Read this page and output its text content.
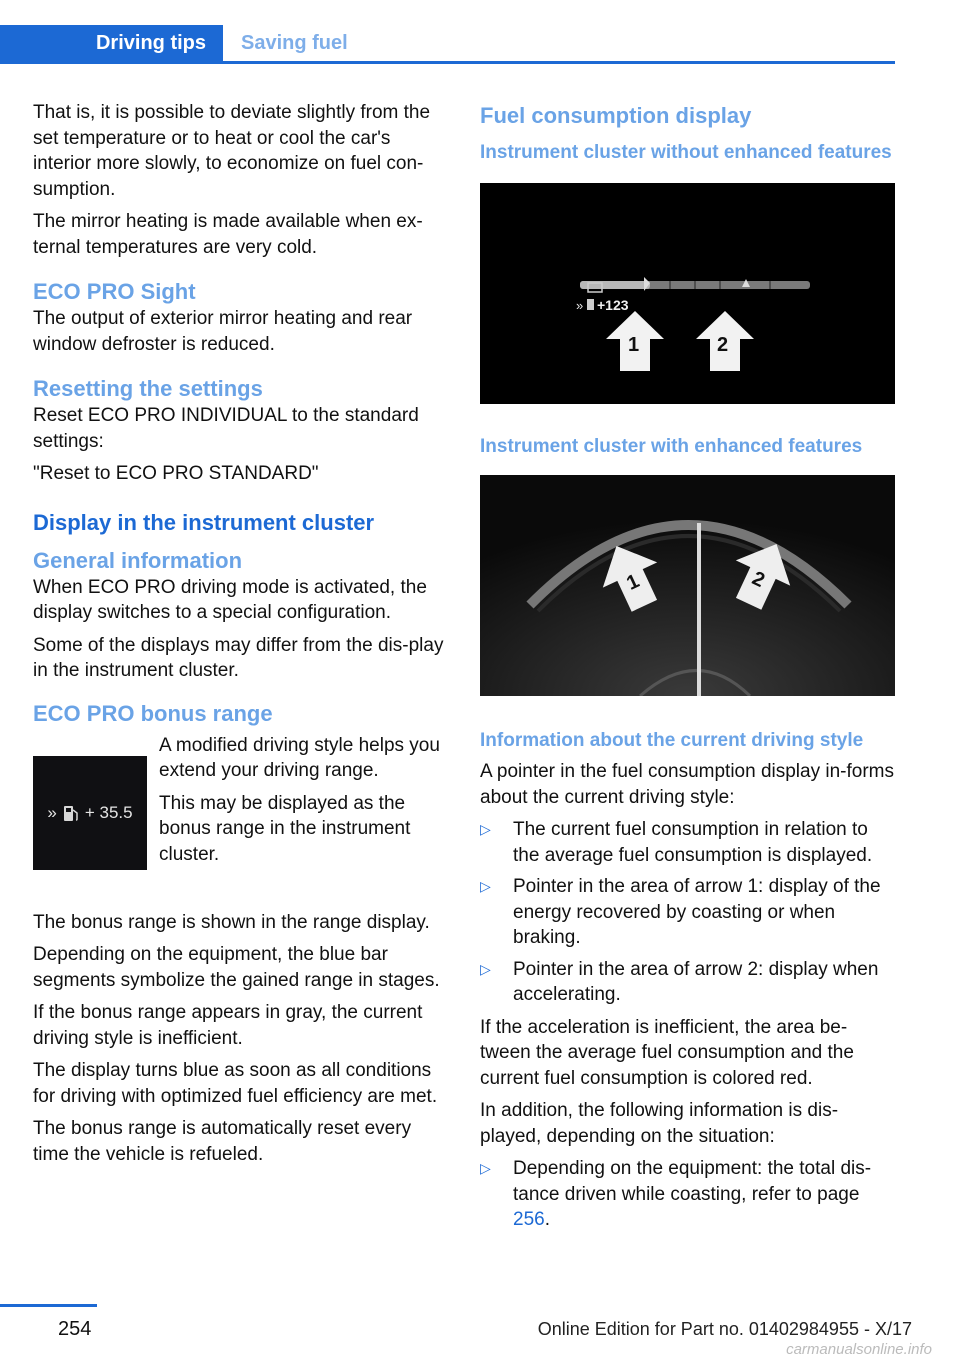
Driving tips	Saving fuel

That is, it is possible to deviate slightly from the set temperature or to heat or cool the car's interior more slowly, to economize on fuel con‐sumption.

The mirror heating is made available when ex‐ternal temperatures are very cold.

ECO PRO Sight

The output of exterior mirror heating and rear window defroster is reduced.

Resetting the settings

Reset ECO PRO INDIVIDUAL to the standard settings:

"Reset to ECO PRO STANDARD"

Display in the instrument cluster
General information

When ECO PRO driving mode is activated, the display switches to a special configuration.

Some of the displays may differ from the dis‐play in the instrument cluster.

ECO PRO bonus range
» + 35.5

A modified driving style helps you extend your driving range.

This may be displayed as the bonus range in the instrument cluster.

The bonus range is shown in the range display.

Depending on the equipment, the blue bar segments symbolize the gained range in stages.

If the bonus range appears in gray, the current driving style is inefficient.

The display turns blue as soon as all conditions for driving with optimized fuel efficiency are met.

The bonus range is automatically reset every time the vehicle is refueled.

Fuel consumption display
Instrument cluster without enhanced features
» +123
1	2
Instrument cluster with enhanced features
1	2
Information about the current driving style

A pointer in the fuel consumption display in‐forms about the current driving style:

▷ The current fuel consumption in relation to the average fuel consumption is displayed.
▷ Pointer in the area of arrow 1: display of the energy recovered by coasting or when braking.
▷ Pointer in the area of arrow 2: display when accelerating.

If the acceleration is inefficient, the area be‐tween the average fuel consumption and the current fuel consumption is colored red.

In addition, the following information is dis‐played, depending on the situation:

▷ Depending on the equipment: the total dis‐tance driven while coasting, refer to page 256.
254	Online Edition for Part no. 01402984955 - X/17
carmanualsonline.info
